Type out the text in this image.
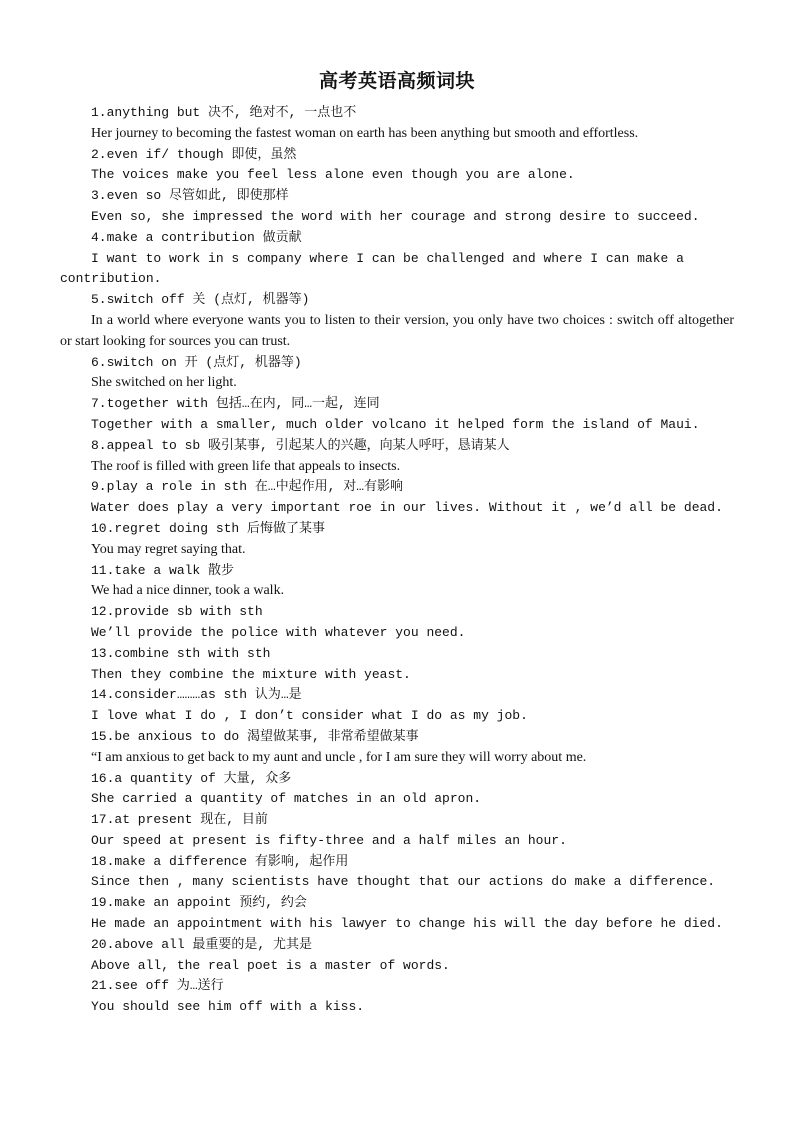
高考英语高频词块
1.anything but 决不, 绝对不, 一点也不
Her journey to becoming the fastest woman on earth has been anything but smooth and effortless.
2.even if/ though 即使，虽然
The voices make you feel less alone even though you are alone.
3.even so 尽管如此, 即使那样
Even so, she impressed the word with her courage and strong desire to succeed.
4.make a contribution 做贡献
I want to work in s company where I can be challenged and where I can make a contribution.
5.switch off 关 (点灯, 机器等)
In a world where everyone wants you to listen to their version, you only have two choices : switch off altogether or start looking for sources you can trust.
6.switch on 开 (点灯, 机器等)
She switched on her light.
7.together with 包括…在内, 同…一起, 连同
Together with a smaller, much older volcano it helped form the island of Maui.
8.appeal to sb 吸引某事, 引起某人的兴趣，向某人呼吁，恳请某人
The roof is filled with green life that appeals to insects.
9.play a role in sth 在…中起作用, 对…有影响
Water does play a very important roe in our lives. Without it , we’d all be dead.
10.regret doing sth 后悔做了某事
You may regret saying that.
11.take a walk 散步
We had a nice dinner, took a walk.
12.provide sb with sth
We’ll provide the police with whatever you need.
13.combine sth with sth
Then they combine the mixture with yeast.
14.consider………as sth 认为…是
I love what I do , I don’t consider what I do as my job.
15.be anxious to do 渴望做某事, 非常希望做某事
“I am anxious to get back to my aunt and uncle , for I am sure they will worry about me.
16.a quantity of 大量, 众多
She carried a quantity of matches in an old apron.
17.at present 现在, 目前
Our speed at present is fifty-three and a half miles an hour.
18.make a difference 有影响, 起作用
Since then , many scientists have thought that our actions do make a difference.
19.make an appoint 预约, 约会
He made an appointment with his lawyer to change his will the day before he died.
20.above all 最重要的是, 尤其是
Above all, the real poet is a master of words.
21.see off 为…送行
You should see him off with a kiss.
